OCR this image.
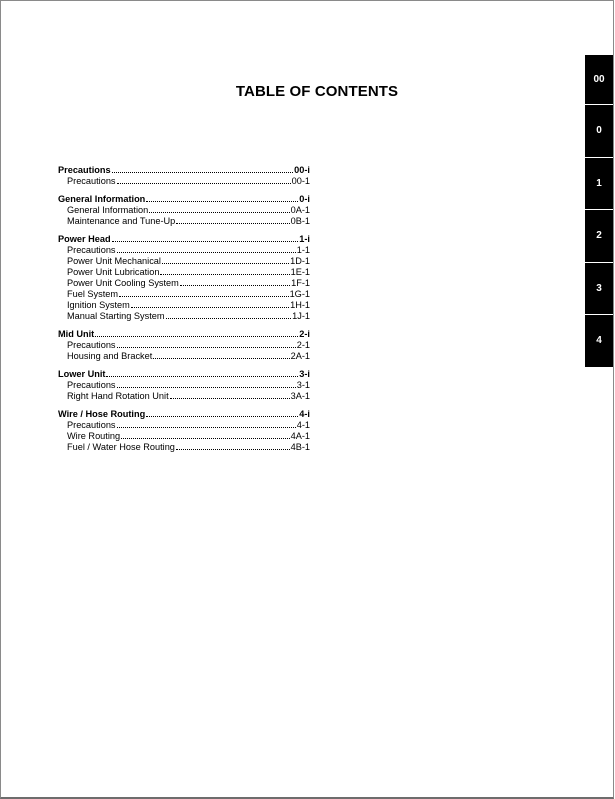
TABLE OF CONTENTS
00
0
1
2
3
4
Precautions	00-i
Precautions	00-1
General Information	0-i
General Information	0A-1
Maintenance and Tune-Up	0B-1
Power Head	1-i
Precautions	1-1
Power Unit Mechanical	1D-1
Power Unit Lubrication	1E-1
Power Unit Cooling System	1F-1
Fuel System	1G-1
Ignition System	1H-1
Manual Starting System	1J-1
Mid Unit	2-i
Precautions	2-1
Housing and Bracket	2A-1
Lower Unit	3-i
Precautions	3-1
Right Hand Rotation Unit	3A-1
Wire / Hose Routing	4-i
Precautions	4-1
Wire Routing	4A-1
Fuel / Water Hose Routing	4B-1
